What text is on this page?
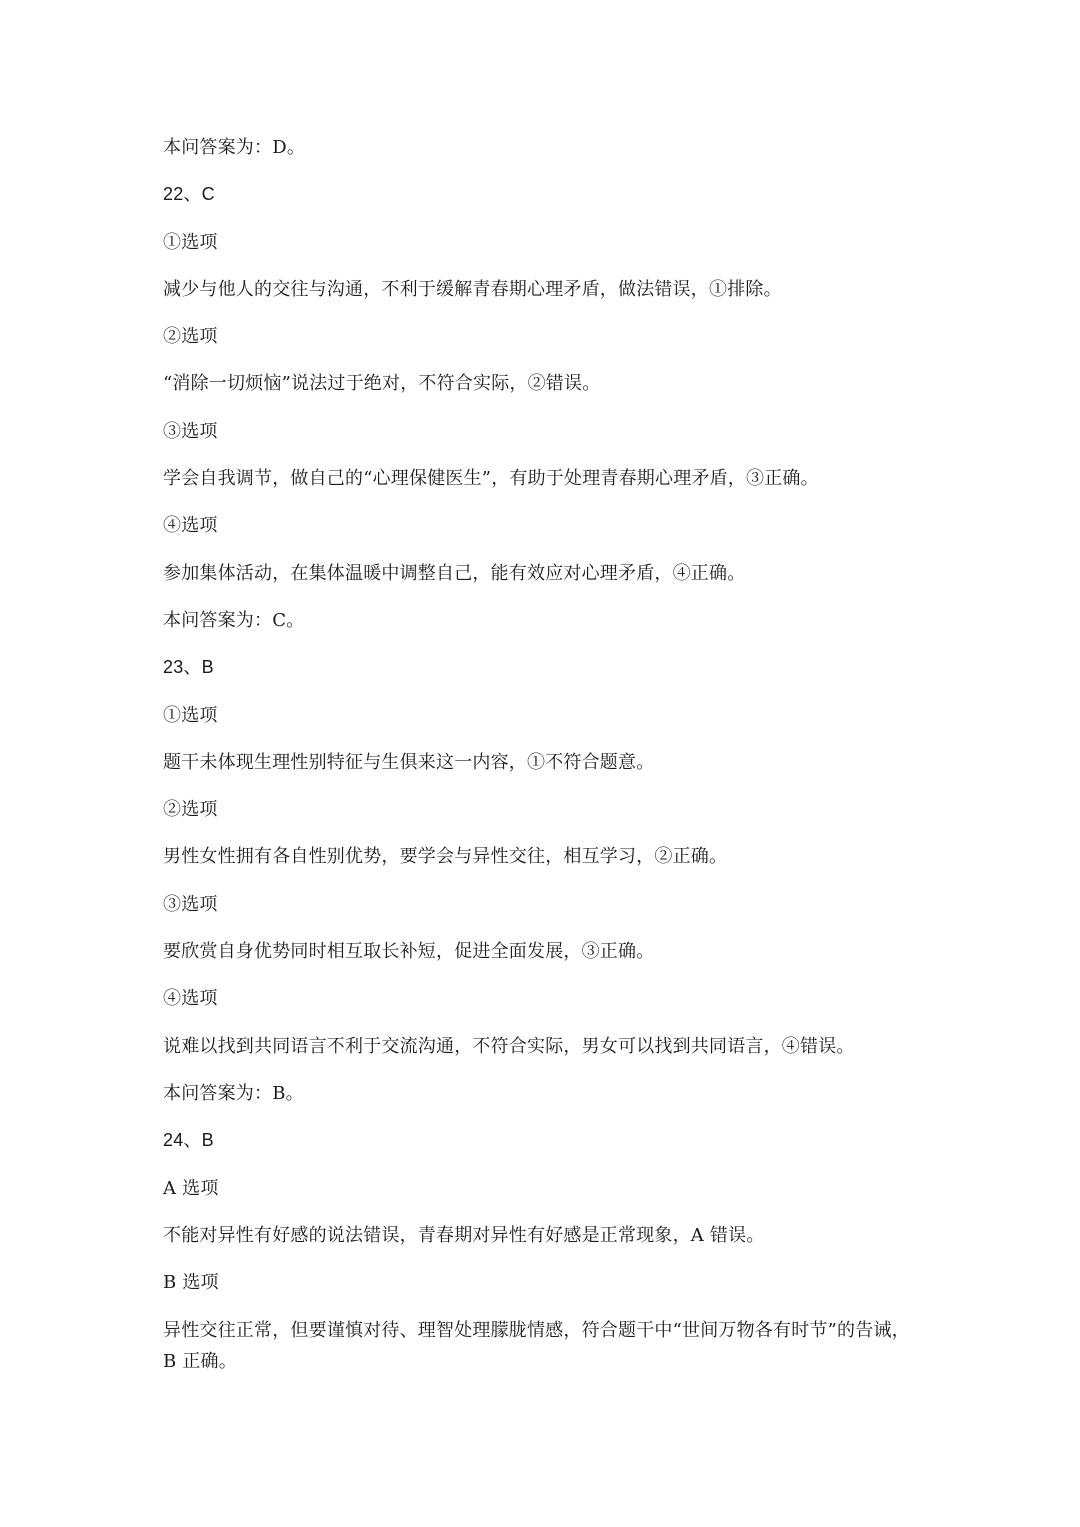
本问答案为：D。

22、C

①选项

减少与他人的交往与沟通，不利于缓解青春期心理矛盾，做法错误，①排除。

②选项

“消除一切烦恼”说法过于绝对，不符合实际，②错误。

③选项

学会自我调节，做自己的“心理保健医生”，有助于处理青春期心理矛盾，③正确。

④选项

参加集体活动，在集体温暖中调整自己，能有效应对心理矛盾，④正确。

本问答案为：C。

23、B

①选项

题干未体现生理性别特征与生俱来这一内容，①不符合题意。

②选项

男性女性拥有各自性别优势，要学会与异性交往，相互学习，②正确。

③选项

要欣赏自身优势同时相互取长补短，促进全面发展，③正确。

④选项

说难以找到共同语言不利于交流沟通，不符合实际，男女可以找到共同语言，④错误。

本问答案为：B。

24、B

A 选项

不能对异性有好感的说法错误，青春期对异性有好感是正常现象，A 错误。

B 选项

异性交往正常，但要谨慎对待、理智处理朦胧情感，符合题干中“世间万物各有时节”的告诫，B 正确。
